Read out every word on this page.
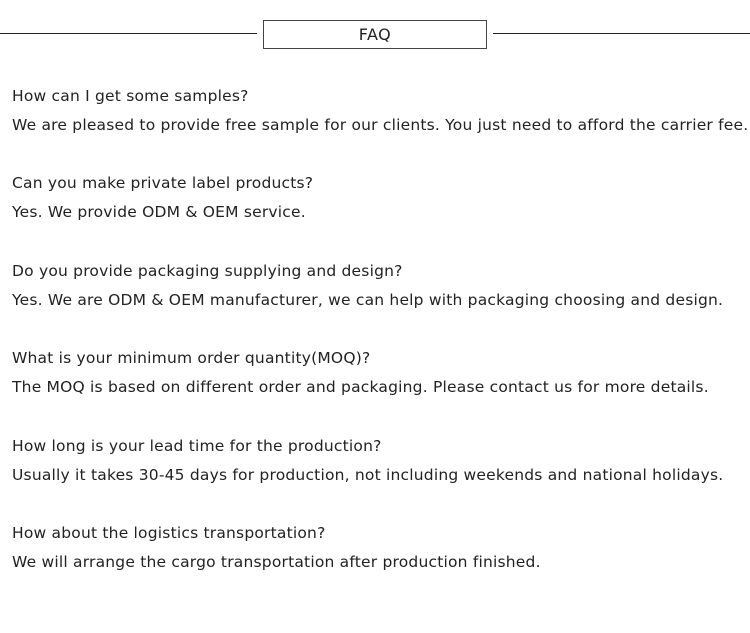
FAQ
How can I get some samples?
We are pleased to provide free sample for our clients. You just need to afford the carrier fee.
Can you make private label products?
Yes. We provide ODM & OEM service.
Do you provide packaging supplying and design?
Yes. We are ODM & OEM manufacturer, we can help with packaging choosing and design.
What is your minimum order quantity(MOQ)?
The MOQ is based on different order and packaging. Please contact us for more details.
How long is your lead time for the production?
Usually it takes 30-45 days for production, not including weekends and national holidays.
How about the logistics transportation?
We will arrange the cargo transportation after production finished.
